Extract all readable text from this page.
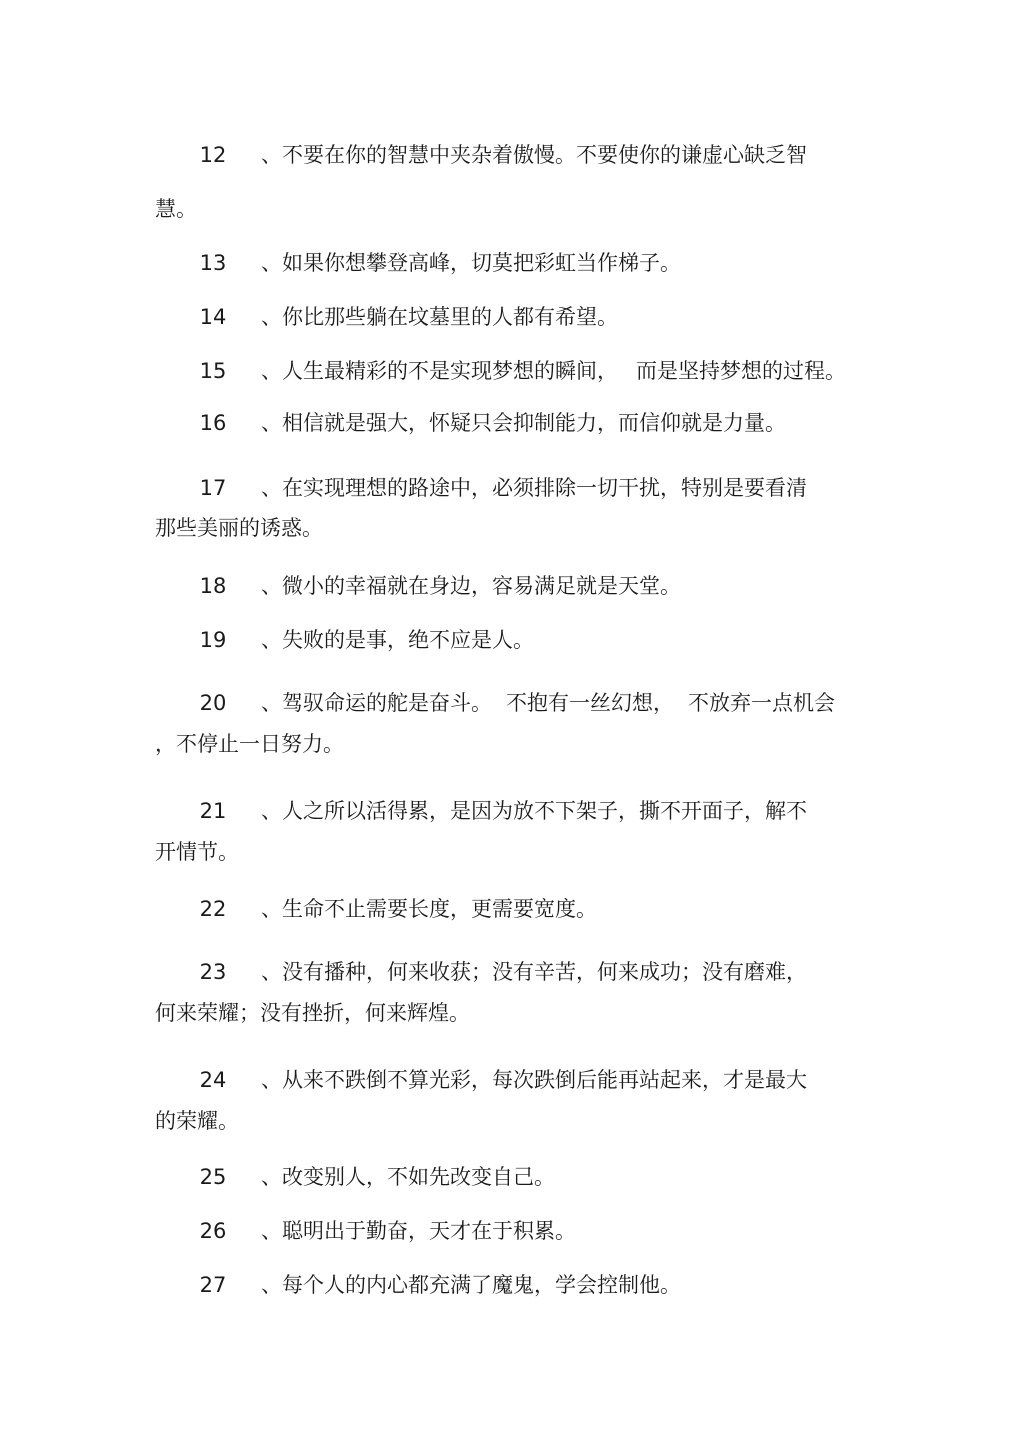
12 、不要在你的智慧中夹杂着傲慢。不要使你的谦虚心缺乏智
慧。
13 、如果你想攀登高峰，切莫把彩虹当作梯子。
14 、你比那些躺在坟墓里的人都有希望。
15 、人生最精彩的不是实现梦想的瞬间， 而是坚持梦想的过程。
16 、相信就是强大，怀疑只会抑制能力，而信仰就是力量。
17 、在实现理想的路途中，必须排除一切干扰，特别是要看清
那些美丽的诱惑。
18 、微小的幸福就在身边，容易满足就是天堂。
19 、失败的是事，绝不应是人。
20 、驾驭命运的舵是奋斗。 不抱有一丝幻想， 不放弃一点机会
，不停止一日努力。
21 、人之所以活得累，是因为放不下架子，撕不开面子，解不
开情节。
22 、生命不止需要长度，更需要宽度。
23 、没有播种，何来收获；没有辛苦，何来成功；没有磨难，
何来荣耀；没有挫折，何来辉煌。
24 、从来不跌倒不算光彩，每次跌倒后能再站起来，才是最大
的荣耀。
25 、改变别人，不如先改变自己。
26 、聪明出于勤奋，天才在于积累。
27 、每个人的内心都充满了魔鬼，学会控制他。
